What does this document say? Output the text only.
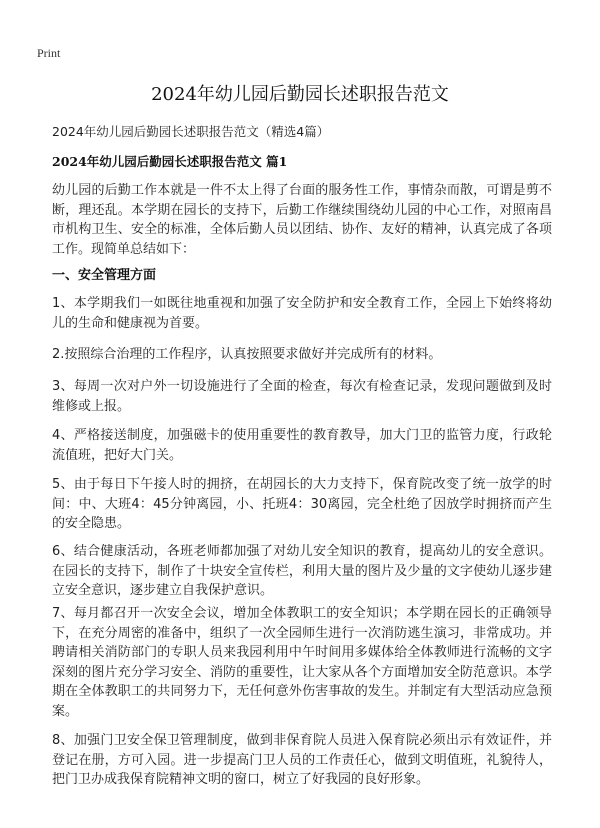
Print
2024年幼儿园后勤园长述职报告范文
2024年幼儿园后勤园长述职报告范文（精选4篇）
2024年幼儿园后勤园长述职报告范文 篇1

幼儿园的后勤工作本就是一件不太上得了台面的服务性工作，事情杂而散，可谓是剪不断，理还乱。本学期在园长的支持下，后勤工作继续围绕幼儿园的中心工作，对照南昌市机构卫生、安全的标准，全体后勤人员以团结、协作、友好的精神，认真完成了各项工作。现简单总结如下：

一、安全管理方面

1、本学期我们一如既往地重视和加强了安全防护和安全教育工作，全园上下始终将幼儿的生命和健康视为首要。

2.按照综合治理的工作程序，认真按照要求做好并完成所有的材料。

3、每周一次对户外一切设施进行了全面的检查，每次有检查记录，发现问题做到及时维修或上报。

4、严格接送制度，加强磁卡的使用重要性的教育教导，加大门卫的监管力度，行政轮流值班，把好大门关。

5、由于每日下午接人时的拥挤，在胡园长的大力支持下，保育院改变了统一放学的时间：中、大班4：45分钟离园，小、托班4：30离园，完全杜绝了因放学时拥挤而产生的安全隐患。

6、结合健康活动，各班老师都加强了对幼儿安全知识的教育，提高幼儿的安全意识。在园长的支持下，制作了十块安全宣传栏，利用大量的图片及少量的文字使幼儿逐步建立安全意识，逐步建立自我保护意识。

7、每月都召开一次安全会议，增加全体教职工的安全知识；本学期在园长的正确领导下，在充分周密的准备中，组织了一次全园师生进行一次消防逃生演习，非常成功。并聘请相关消防部门的专职人员来我园利用中午时间用多媒体给全体教师进行流畅的文字深刻的图片充分学习安全、消防的重要性，让大家从各个方面增加安全防范意识。本学期在全体教职工的共同努力下，无任何意外伤害事故的发生。并制定有大型活动应急预案。

8、加强门卫安全保卫管理制度，做到非保育院人员进入保育院必须出示有效证件，并登记在册，方可入园。进一步提高门卫人员的工作责任心，做到文明值班，礼貌待人，把门卫办成我保育院精神文明的窗口，树立了好我园的良好形象。
